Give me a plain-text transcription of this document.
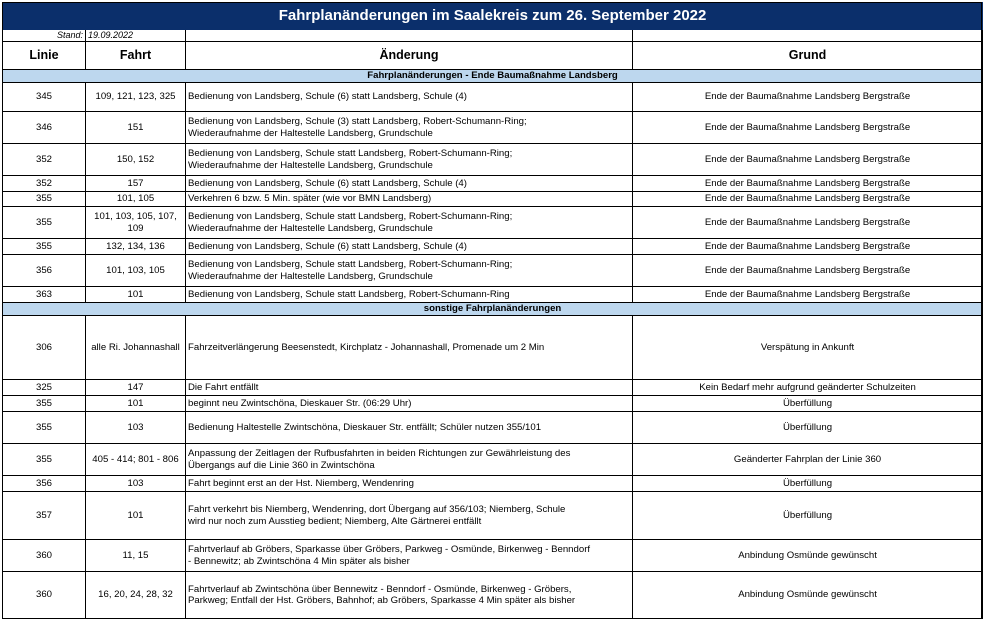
Fahrplanänderungen im Saalekreis zum 26. September 2022			
Stand:	19.09.2022		
Linie	Fahrt	Änderung	Grund
Fahrplanänderungen - Ende Baumaßnahme Landsberg			
345	109, 121, 123, 325	Bedienung von Landsberg, Schule (6) statt Landsberg, Schule (4)	Ende der Baumaßnahme Landsberg Bergstraße
346	151	Bedienung von Landsberg, Schule (3) statt Landsberg, Robert-Schumann-Ring;
Wiederaufnahme der Haltestelle Landsberg, Grundschule	Ende der Baumaßnahme Landsberg Bergstraße
352	150, 152	Bedienung von Landsberg, Schule statt Landsberg, Robert-Schumann-Ring;
Wiederaufnahme der Haltestelle Landsberg, Grundschule	Ende der Baumaßnahme Landsberg Bergstraße
352	157	Bedienung von Landsberg, Schule (6) statt Landsberg, Schule (4)	Ende der Baumaßnahme Landsberg Bergstraße
355	101, 105	Verkehren 6 bzw. 5 Min. später (wie vor BMN Landsberg)	Ende der Baumaßnahme Landsberg Bergstraße
355	101, 103, 105, 107, 109	Bedienung von Landsberg, Schule statt Landsberg, Robert-Schumann-Ring;
Wiederaufnahme der Haltestelle Landsberg, Grundschule	Ende der Baumaßnahme Landsberg Bergstraße
355	132, 134, 136	Bedienung von Landsberg, Schule (6) statt Landsberg, Schule (4)	Ende der Baumaßnahme Landsberg Bergstraße
356	101, 103, 105	Bedienung von Landsberg, Schule statt Landsberg, Robert-Schumann-Ring;
Wiederaufnahme der Haltestelle Landsberg, Grundschule	Ende der Baumaßnahme Landsberg Bergstraße
363	101	Bedienung von Landsberg, Schule statt Landsberg, Robert-Schumann-Ring	Ende der Baumaßnahme Landsberg Bergstraße
sonstige Fahrplanänderungen			
306	alle Ri. Johannashall	Fahrzeitverlängerung Beesenstedt, Kirchplatz - Johannashall, Promenade um 2 Min	Verspätung in Ankunft
325	147	Die Fahrt entfällt	Kein Bedarf mehr aufgrund geänderter Schulzeiten
355	101	beginnt neu Zwintschöna, Dieskauer Str. (06:29 Uhr)	Überfüllung
355	103	Bedienung Haltestelle Zwintschöna, Dieskauer Str. entfällt; Schüler nutzen 355/101	Überfüllung
355	405 - 414; 801 - 806	Anpassung der Zeitlagen der Rufbusfahrten in beiden Richtungen zur Gewährleistung des
Übergangs auf die Linie 360 in Zwintschöna	Geänderter Fahrplan der Linie 360
356	103	Fahrt beginnt erst an der Hst. Niemberg, Wendenring	Überfüllung
357	101	Fahrt verkehrt bis Niemberg, Wendenring, dort Übergang auf 356/103; Niemberg, Schule
wird nur noch zum Ausstieg bedient; Niemberg, Alte Gärtnerei entfällt	Überfüllung
360	11, 15	Fahrtverlauf ab Gröbers, Sparkasse über Gröbers, Parkweg - Osmünde, Birkenweg - Benndorf
- Bennewitz; ab Zwintschöna 4 Min später als bisher	Anbindung Osmünde gewünscht
360	16, 20, 24, 28, 32	Fahrtverlauf ab Zwintschöna über Bennewitz - Benndorf - Osmünde, Birkenweg - Gröbers,
Parkweg; Entfall der Hst. Gröbers, Bahnhof; ab Gröbers, Sparkasse 4 Min später als bisher	Anbindung Osmünde gewünscht
